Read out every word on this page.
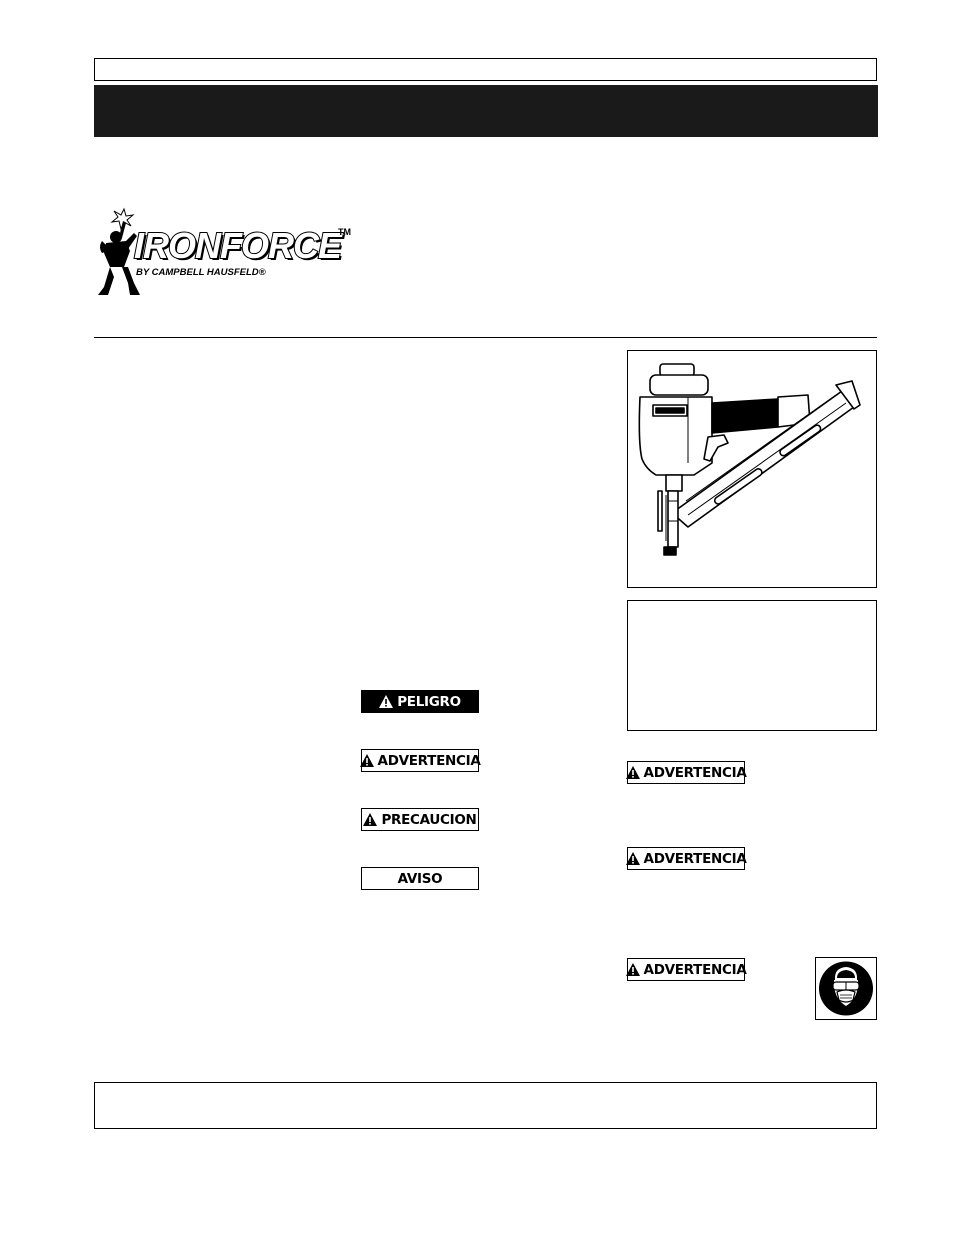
IRONFORCE
TM
BY CAMPBELL HAUSFELD®
PELIGRO
ADVERTENCIA
PRECAUCION
AVISO
ADVERTENCIA
ADVERTENCIA
ADVERTENCIA
